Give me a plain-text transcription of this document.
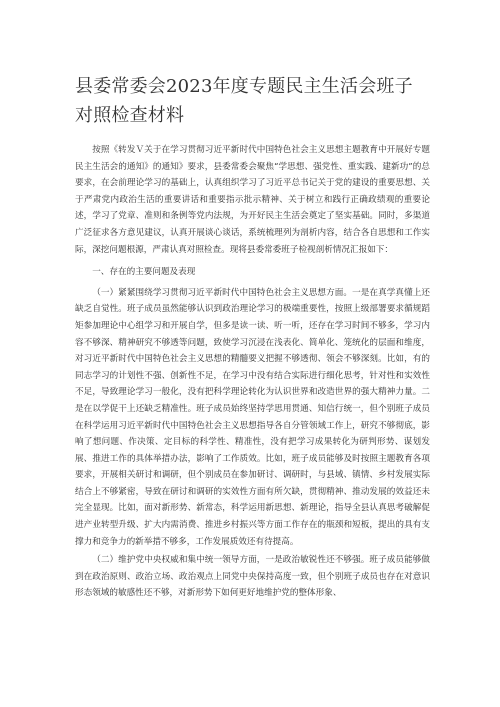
县委常委会2023年度专题民主生活会班子对照检查材料

按照《转发Ｖ关于在学习贯彻习近平新时代中国特色社会主义思想主题教育中开展好专题民主生活会的通知》的通知》要求，县委常委会聚焦“学思想、强党性、重实践、建新功”的总要求，在会前理论学习的基础上，认真组织学习了习近平总书记关于党的建设的重要思想、关于严肃党内政治生活的重要讲话和重要指示批示精神、关于树立和践行正确政绩观的重要论述，学习了党章、准则和条例等党内法规，为开好民主生活会奠定了坚实基础。同时，多渠道广泛征求各方意见建议，认真开展谈心谈话，系统梳理列为剖析内容，结合各自思想和工作实际，深挖问题根源，严肃认真对照检查。现将县委常委班子检视剖析情况汇报如下：

一、存在的主要问题及表现

（一）紧紧围绕学习贯彻习近平新时代中国特色社会主义思想方面。一是在真学真懂上还缺乏自觉性。班子成员虽然能够认识到政治理论学习的极端重要性，按照上级部署要求循规蹈矩参加理论中心组学习和开展自学，但多是读一读、听一听，还存在学习时间不够多，学习内容不够深、精神研究不够透等问题，致使学习沉浸在浅表化、简单化、笼统化的层面和维度，对习近平新时代中国特色社会主义思想的精髓要义把握不够透彻、领会不够深刻。比如，有的同志学习的计划性不强、创新性不足，在学习中没有结合实际进行细化思考，针对性和实效性不足，导致理论学习一般化，没有把科学理论转化为认识世界和改造世界的强大精神力量。二是在以学促干上还缺乏精准性。班子成员始终坚持学思用贯通、知信行统一，但个别班子成员在科学运用习近平新时代中国特色社会主义思想指导各自分管领域工作上，研究不够彻底，影响了想问题、作决策、定目标的科学性、精准性，没有把学习成果转化为研判形势、谋划发展、推进工作的具体举措办法，影响了工作质效。比如，班子成员能够及时按照主题教育各项要求，开展相关研讨和调研，但个别成员在参加研讨、调研时，与县域、镇情、乡村发展实际结合上不够紧密，导致在研讨和调研的实效性方面有所欠缺，贯彻精神、推动发展的效益还未完全显现。比如，面对新形势、新常态，科学运用新思想、新理论，指导全县认真思考破解促进产业转型升级、扩大内需消费、推进乡村振兴等方面工作存在的瓶颈和短板，提出的具有支撑力和竞争力的新举措不够多，工作发展质效还有待提高。

（二）维护党中央权威和集中统一领导方面，一是政治敏锐性还不够强。班子成员能够做到在政治原则、政治立场、政治观点上同党中央保持高度一致，但个别班子成员也存在对意识形态领域的敏感性还不够，对新形势下如何更好地维护党的整体形象、
